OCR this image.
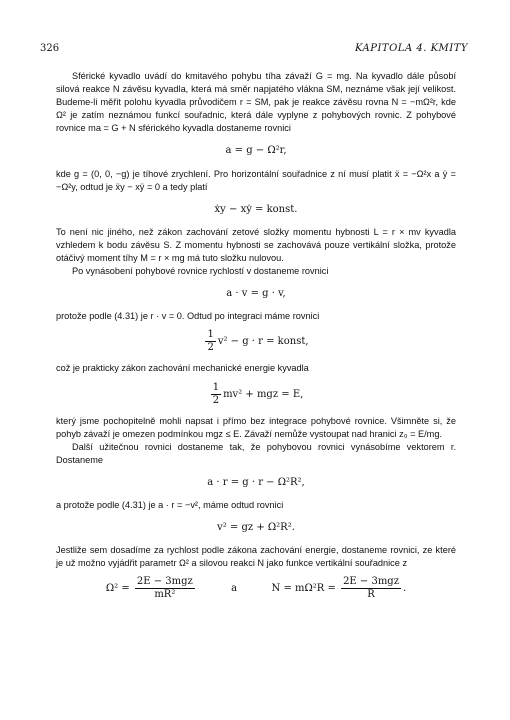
326	KAPITOLA 4. KMITY

Sférické kyvadlo uvádí do kmitavého pohybu tíha závaží G = mg. Na kyvadlo dále působí silová reakce N závěsu kyvadla, která má směr napjatého vlákna SM, neznáme však její velikost. Budeme-li měřit polohu kyvadla průvodičem r = SM, pak je reakce závěsu rovna N = −mΩ²r, kde Ω² je zatím neznámou funkcí souřadnic, která dále vyplyne z pohybových rovnic. Z pohybové rovnice ma = G + N sférického kyvadla dostaneme rovnici

a = g − Ω²r,

kde g = (0, 0, −g) je tíhové zrychlení. Pro horizontální souřadnice z ní musí platit ẍ = −Ω²x a ÿ = −Ω²y, odtud je ẍy − xÿ = 0 a tedy platí

ẋy − xẏ = konst.

To není nic jiného, než zákon zachování zetové složky momentu hybnosti L = r × mv kyvadla vzhledem k bodu závěsu S. Z momentu hybnosti se zachovává pouze vertikální složka, protože otáčivý moment tíhy M = r × mg má tuto složku nulovou.

Po vynásobení pohybové rovnice rychlostí v dostaneme rovnici

a · v = g · v,

protože podle (4.31) je r · v = 0. Odtud po integraci máme rovnici

$\frac{1}{2} v^2 - g \cdot r$ = konst,

což je prakticky zákon zachování mechanické energie kyvadla

$\frac{1}{2} mv^2$ + mgz = E,

který jsme pochopitelně mohli napsat i přímo bez integrace pohybové rovnice. Všimněte si, že pohyb závaží je omezen podmínkou mgz ≤ E. Závaží nemůže vystoupat nad hranici z₀ = E/mg.

Další užitečnou rovnici dostaneme tak, že pohybovou rovnici vynásobíme vektorem r. Dostaneme

a · r = g · r − Ω²R²,

a protože podle (4.31) je a · r = −v², máme odtud rovnici

v² = gz + Ω²R².

Jestliže sem dosadíme za rychlost podle zákona zachování energie, dostaneme rovnici, ze které je už možno vyjádřit parametr Ω² a silovou reakci N jako funkce vertikální souřadnice z

$\Omega^2 = \frac{\text{2E − 3mgz}}{\text{mR²}}$	a	$N = m\Omega^2R = \frac{\text{2E − 3mgz}}{R}$ .
